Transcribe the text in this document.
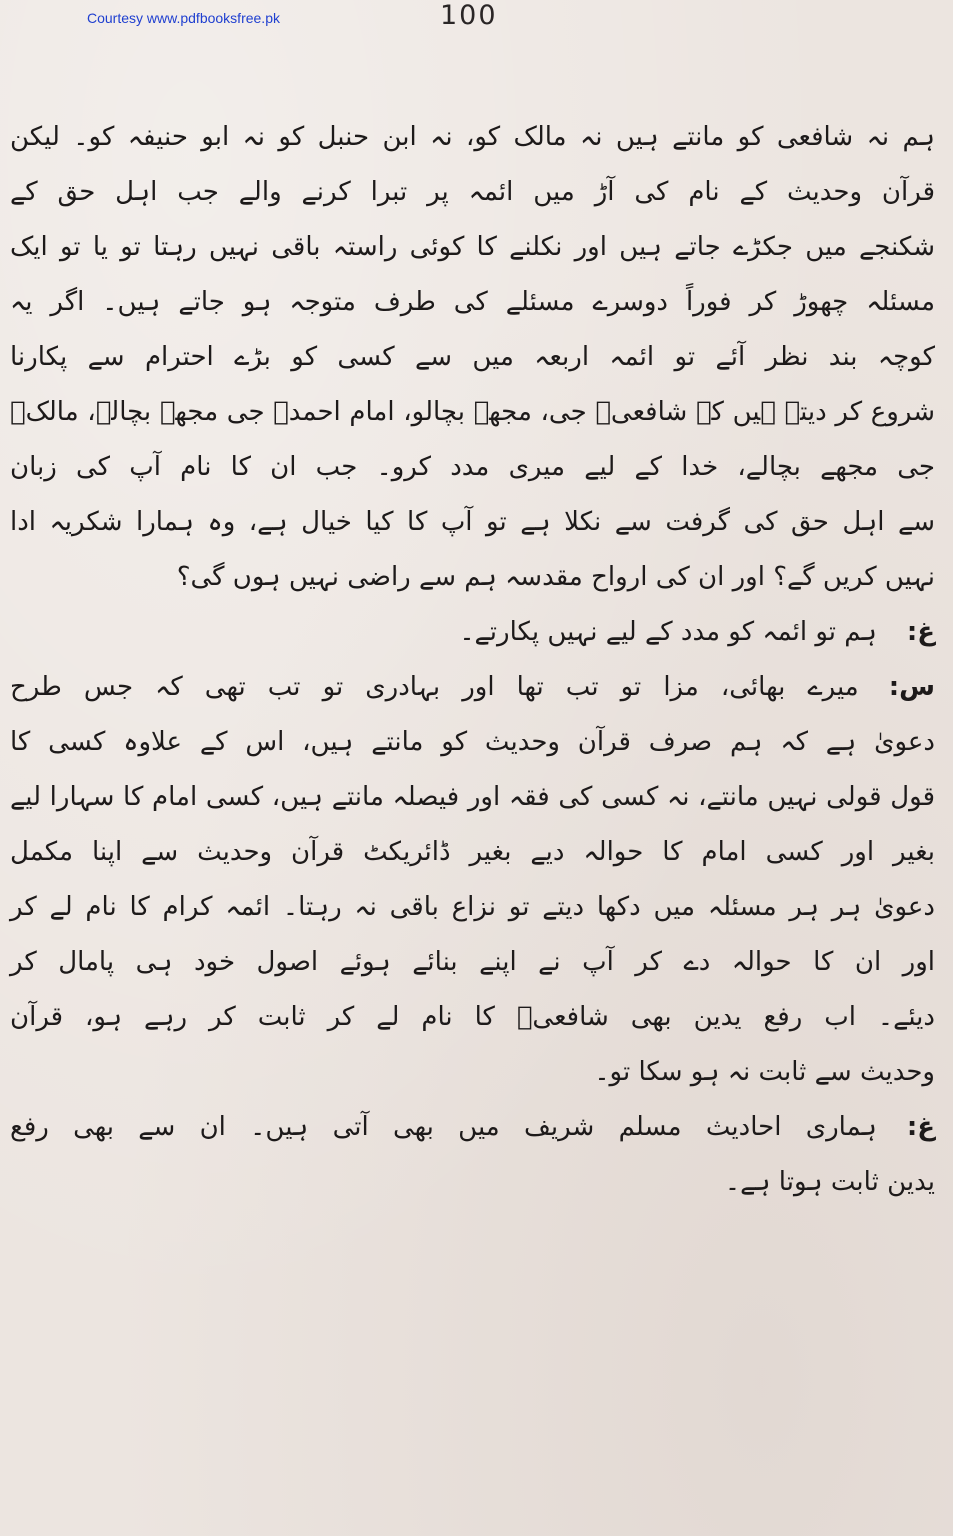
Courtesy www.pdfbooksfree.pk	100
ہم نہ شافعی کو مانتے ہیں نہ مالک کو، نہ ابن حنبل کو نہ ابو حنیفہ کو۔ لیکن
قرآن وحدیث کے نام کی آڑ میں ائمہ پر تبرا کرنے والے جب اہل حق کے
شکنجے میں جکڑے جاتے ہیں اور نکلنے کا کوئی راستہ باقی نہیں رہتا تو یا تو ایک
مسئلہ چھوڑ کر فوراً دوسرے مسئلے کی طرف متوجہ ہو جاتے ہیں۔ اگر یہ
کوچہ بند نظر آئے تو ائمہ اربعہ میں سے کسی کو بڑے احترام سے پکارنا
شروع کر دیتے ہیں کہ شافعیؒ جی، مجھے بچالو، امام احمدؒ جی مجھے بچالے، مالکؒ
جی مجھے بچالے، خدا کے لیے میری مدد کرو۔ جب ان کا نام آپ کی زبان
سے اہل حق کی گرفت سے نکلا ہے تو آپ کا کیا خیال ہے، وہ ہمارا شکریہ ادا
نہیں کریں گے؟ اور ان کی ارواح مقدسہ ہم سے راضی نہیں ہوں گی؟
غ:ہم تو ائمہ کو مدد کے لیے نہیں پکارتے۔
س:میرے بھائی، مزا تو تب تھا اور بہادری تو تب تھی کہ جس طرح
دعویٰ ہے کہ ہم صرف قرآن وحدیث کو مانتے ہیں، اس کے علاوہ کسی کا
قول قولی نہیں مانتے، نہ کسی کی فقہ اور فیصلہ مانتے ہیں، کسی امام کا سہارا لیے
بغیر اور کسی امام کا حوالہ دیے بغیر ڈائریکٹ قرآن وحدیث سے اپنا مکمل
دعویٰ ہر ہر مسئلہ میں دکھا دیتے تو نزاع باقی نہ رہتا۔ ائمہ کرام کا نام لے کر
اور ان کا حوالہ دے کر آپ نے اپنے بنائے ہوئے اصول خود ہی پامال کر
دیئے۔ اب رفع یدین بھی شافعیؒ کا نام لے کر ثابت کر رہے ہو، قرآن
وحدیث سے ثابت نہ ہو سکا تو۔
غ:ہماری احادیث مسلم شریف میں بھی آتی ہیں۔ ان سے بھی رفع
یدین ثابت ہوتا ہے۔
